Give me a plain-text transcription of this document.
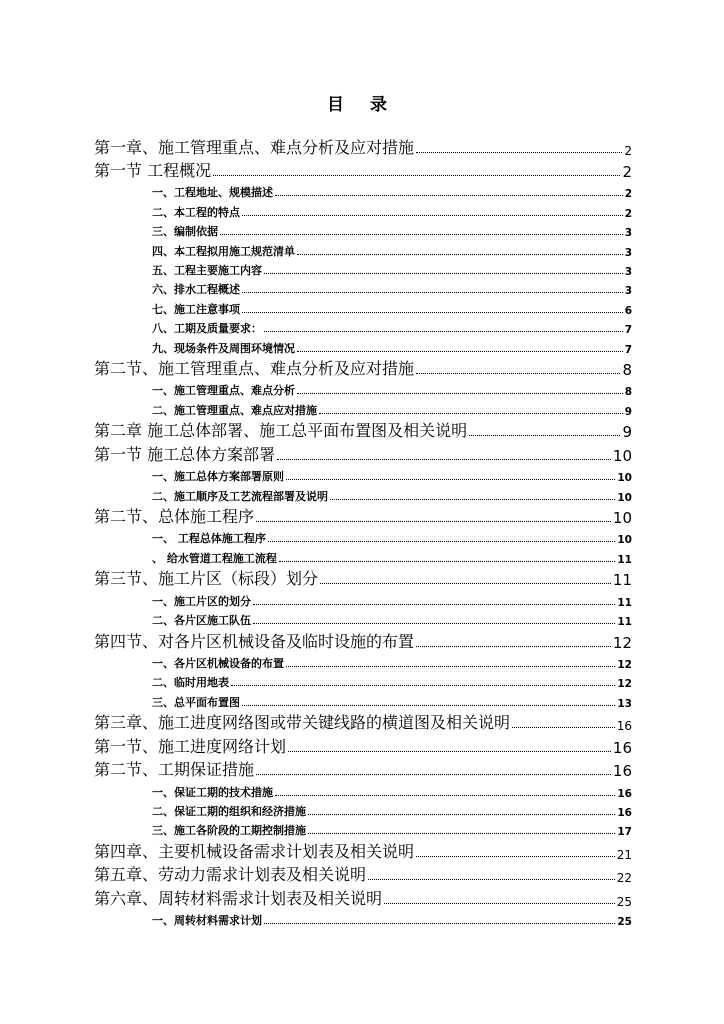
目 录
第一章、施工管理重点、难点分析及应对措施	2
第一节 工程概况	2
一、工程地址、规模描述	2
二、本工程的特点	2
三、编制依据	3
四、本工程拟用施工规范清单	3
五、工程主要施工内容	3
六、排水工程概述	3
七、施工注意事项	6
八、工期及质量要求：	7
九、现场条件及周围环境情况	7
第二节、施工管理重点、难点分析及应对措施	8
一、施工管理重点、难点分析	8
二、施工管理重点、难点应对措施	9
第二章 施工总体部署、施工总平面布置图及相关说明	9
第一节 施工总体方案部署	10
一、施工总体方案部署原则	10
二、施工顺序及工艺流程部署及说明	10
第二节、总体施工程序	10
一、 工程总体施工程序	10
、 给水管道工程施工流程	11
第三节、施工片区（标段）划分	11
一、施工片区的划分	11
二、各片区施工队伍	11
第四节、对各片区机械设备及临时设施的布置	12
一、各片区机械设备的布置	12
二、临时用地表	12
三、总平面布置图	13
第三章、施工进度网络图或带关键线路的横道图及相关说明	16
第一节、施工进度网络计划	16
第二节、工期保证措施	16
一、保证工期的技术措施	16
二、保证工期的组织和经济措施	16
三、施工各阶段的工期控制措施	17
第四章、主要机械设备需求计划表及相关说明	21
第五章、劳动力需求计划表及相关说明	22
第六章、周转材料需求计划表及相关说明	25
一、周转材料需求计划	25
